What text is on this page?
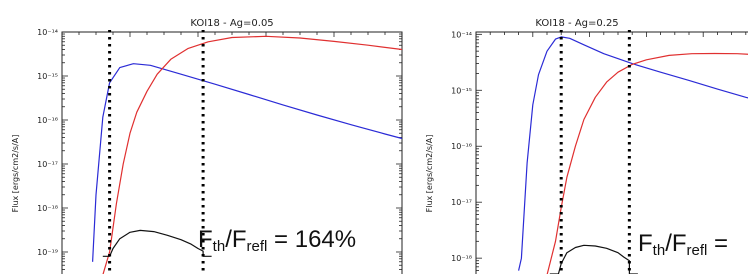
10⁻¹⁴
10⁻¹⁵
10⁻¹⁶
10⁻¹⁷
10⁻¹⁸
10⁻¹⁹
KOI18 - Ag=0.05
Flux [ergs/cm2/s/A]
10⁻¹⁴
10⁻¹⁵
10⁻¹⁶
10⁻¹⁷
10⁻¹⁸
KOI18 - Ag=0.25
Flux [ergs/cm2/s/A]
Fth/Frefl = 164%	Fth/Frefl =
